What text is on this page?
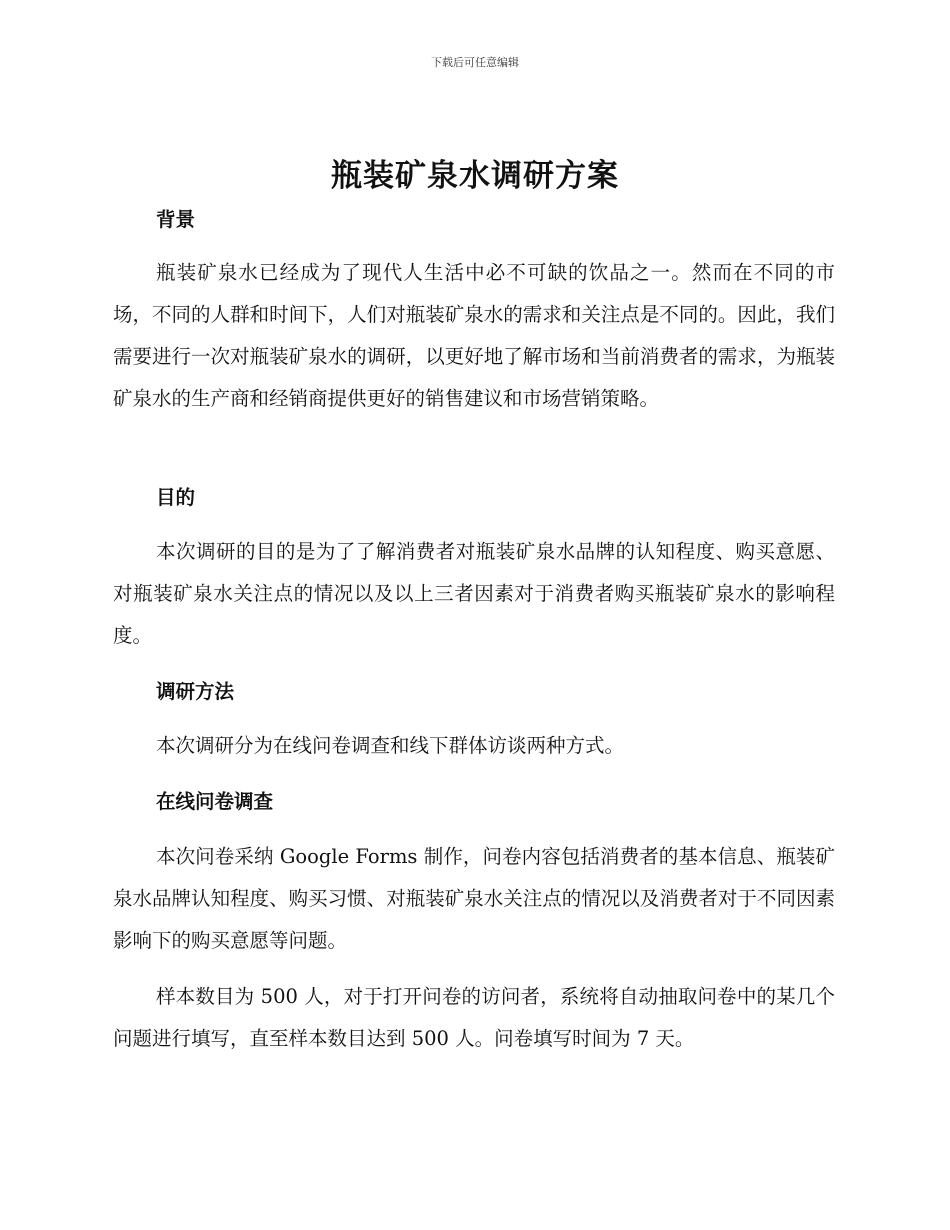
下载后可任意编辑
瓶装矿泉水调研方案
背景

瓶装矿泉水已经成为了现代人生活中必不可缺的饮品之一。然而在不同的市场，不同的人群和时间下，人们对瓶装矿泉水的需求和关注点是不同的。因此，我们需要进行一次对瓶装矿泉水的调研，以更好地了解市场和当前消费者的需求，为瓶装矿泉水的生产商和经销商提供更好的销售建议和市场营销策略。

目的

本次调研的目的是为了了解消费者对瓶装矿泉水品牌的认知程度、购买意愿、对瓶装矿泉水关注点的情况以及以上三者因素对于消费者购买瓶装矿泉水的影响程度。

调研方法

本次调研分为在线问卷调查和线下群体访谈两种方式。

在线问卷调查

本次问卷采纳 Google Forms 制作，问卷内容包括消费者的基本信息、瓶装矿泉水品牌认知程度、购买习惯、对瓶装矿泉水关注点的情况以及消费者对于不同因素影响下的购买意愿等问题。

样本数目为 500 人，对于打开问卷的访问者，系统将自动抽取问卷中的某几个问题进行填写，直至样本数目达到 500 人。问卷填写时间为 7 天。
